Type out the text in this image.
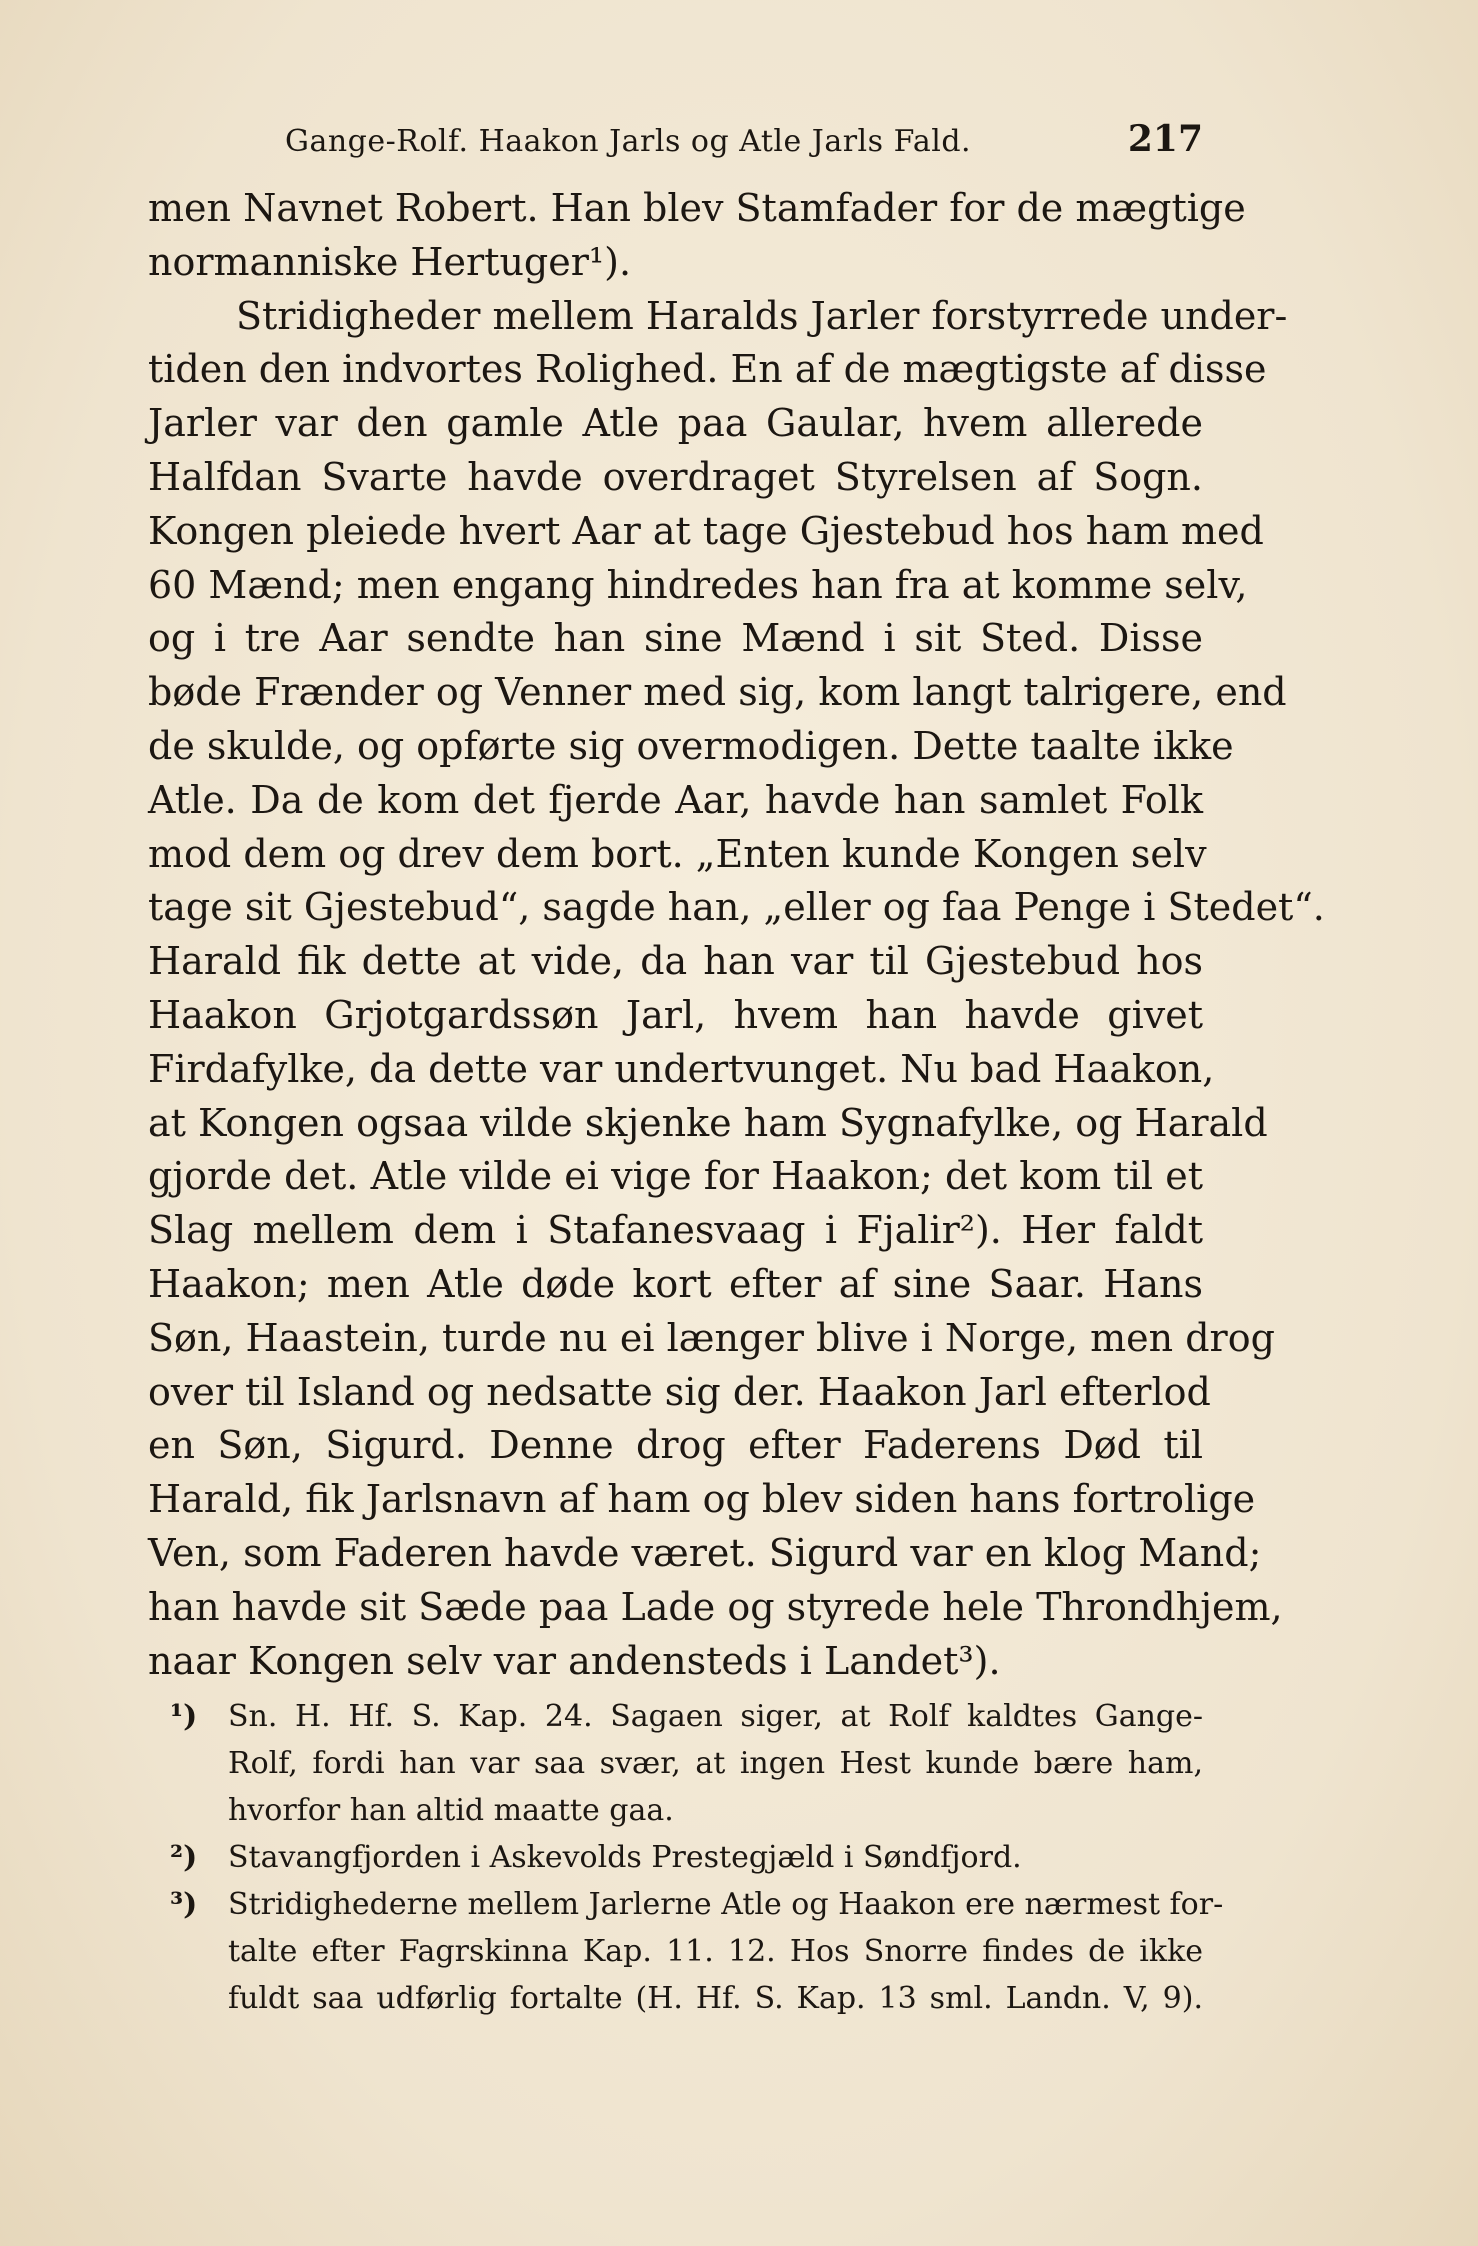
Gange-Rolf. Haakon Jarls og Atle Jarls Fald.	217
men Navnet Robert. Han blev Stamfader for de mægtige
normanniske Hertuger¹).
Stridigheder mellem Haralds Jarler forstyrrede under-
tiden den indvortes Rolighed. En af de mægtigste af disse
Jarler var den gamle Atle paa Gaular, hvem allerede
Halfdan Svarte havde overdraget Styrelsen af Sogn.
Kongen pleiede hvert Aar at tage Gjestebud hos ham med
60 Mænd; men engang hindredes han fra at komme selv,
og i tre Aar sendte han sine Mænd i sit Sted. Disse
bøde Frænder og Venner med sig, kom langt talrigere, end
de skulde, og opførte sig overmodigen. Dette taalte ikke
Atle. Da de kom det fjerde Aar, havde han samlet Folk
mod dem og drev dem bort. „Enten kunde Kongen selv
tage sit Gjestebud“, sagde han, „eller og faa Penge i Stedet“.
Harald fik dette at vide, da han var til Gjestebud hos
Haakon Grjotgardssøn Jarl, hvem han havde givet
Firdafylke, da dette var undertvunget. Nu bad Haakon,
at Kongen ogsaa vilde skjenke ham Sygnafylke, og Harald
gjorde det. Atle vilde ei vige for Haakon; det kom til et
Slag mellem dem i Stafanesvaag i Fjalir²). Her faldt
Haakon; men Atle døde kort efter af sine Saar. Hans
Søn, Haastein, turde nu ei længer blive i Norge, men drog
over til Island og nedsatte sig der. Haakon Jarl efterlod
en Søn, Sigurd. Denne drog efter Faderens Død til
Harald, fik Jarlsnavn af ham og blev siden hans fortrolige
Ven, som Faderen havde været. Sigurd var en klog Mand;
han havde sit Sæde paa Lade og styrede hele Throndhjem,
naar Kongen selv var andensteds i Landet³).
¹)	Sn. H. Hf. S. Kap. 24. Sagaen siger, at Rolf kaldtes Gange-
Rolf, fordi han var saa svær, at ingen Hest kunde bære ham,
hvorfor han altid maatte gaa.
²)	Stavangfjorden i Askevolds Prestegjæld i Søndfjord.
³)	Stridighederne mellem Jarlerne Atle og Haakon ere nærmest for-
talte efter Fagrskinna Kap. 11. 12. Hos Snorre findes de ikke
fuldt saa udførlig fortalte (H. Hf. S. Kap. 13 sml. Landn. V, 9).
